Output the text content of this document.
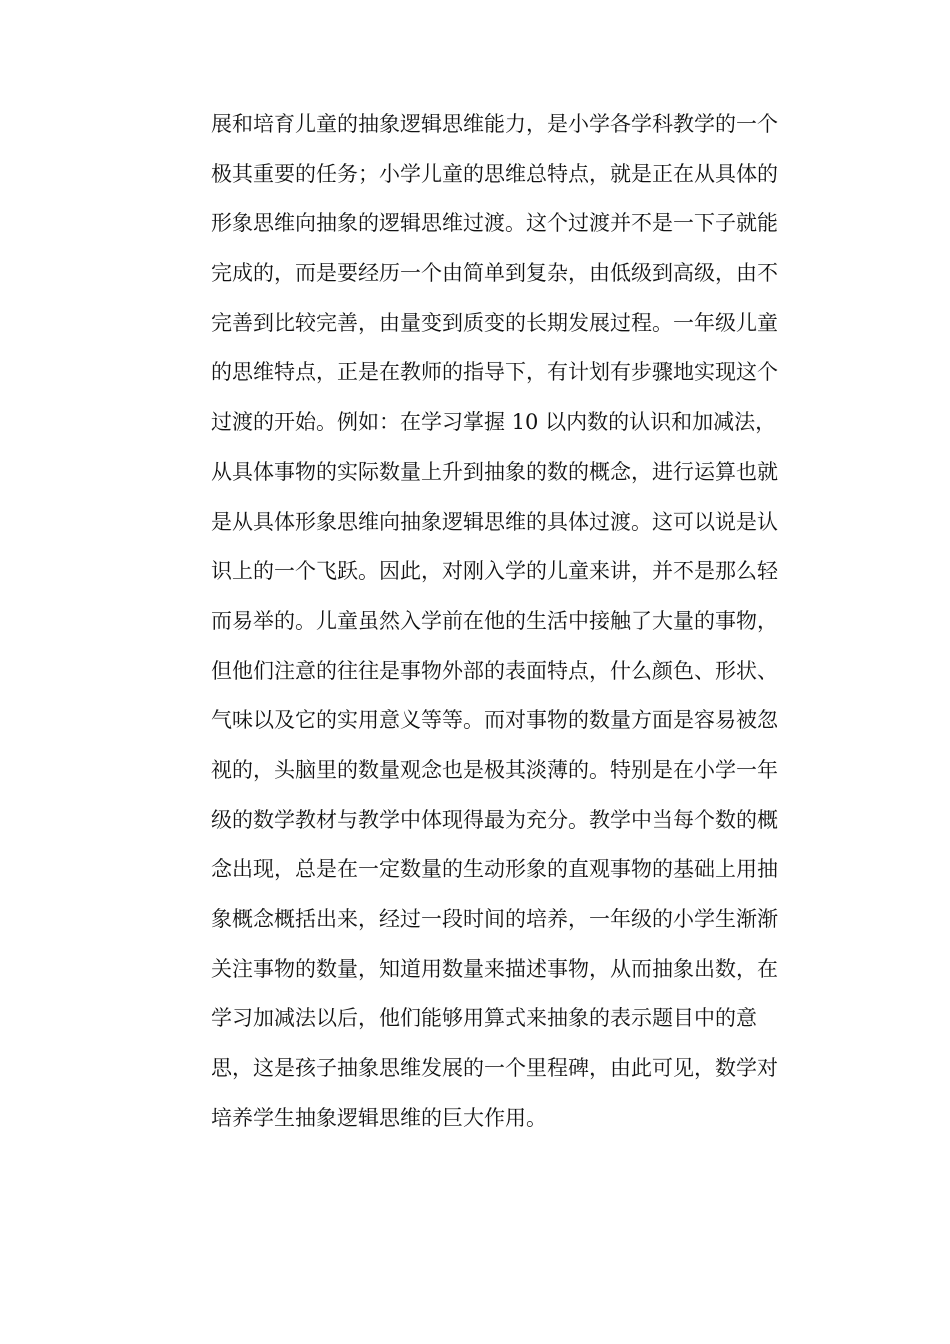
展和培育儿童的抽象逻辑思维能力，是小学各学科教学的一个
极其重要的任务；小学儿童的思维总特点，就是正在从具体的
形象思维向抽象的逻辑思维过渡。这个过渡并不是一下子就能
完成的，而是要经历一个由简单到复杂，由低级到高级，由不
完善到比较完善，由量变到质变的长期发展过程。一年级儿童
的思维特点，正是在教师的指导下，有计划有步骤地实现这个
过渡的开始。例如：在学习掌握 10 以内数的认识和加减法，
从具体事物的实际数量上升到抽象的数的概念，进行运算也就
是从具体形象思维向抽象逻辑思维的具体过渡。这可以说是认
识上的一个飞跃。因此，对刚入学的儿童来讲，并不是那么轻
而易举的。儿童虽然入学前在他的生活中接触了大量的事物，
但他们注意的往往是事物外部的表面特点，什么颜色、形状、
气味以及它的实用意义等等。而对事物的数量方面是容易被忽
视的，头脑里的数量观念也是极其淡薄的。特别是在小学一年
级的数学教材与教学中体现得最为充分。教学中当每个数的概
念出现，总是在一定数量的生动形象的直观事物的基础上用抽
象概念概括出来，经过一段时间的培养，一年级的小学生渐渐
关注事物的数量，知道用数量来描述事物，从而抽象出数，在
学习加减法以后，他们能够用算式来抽象的表示题目中的意
思，这是孩子抽象思维发展的一个里程碑，由此可见，数学对
培养学生抽象逻辑思维的巨大作用。
